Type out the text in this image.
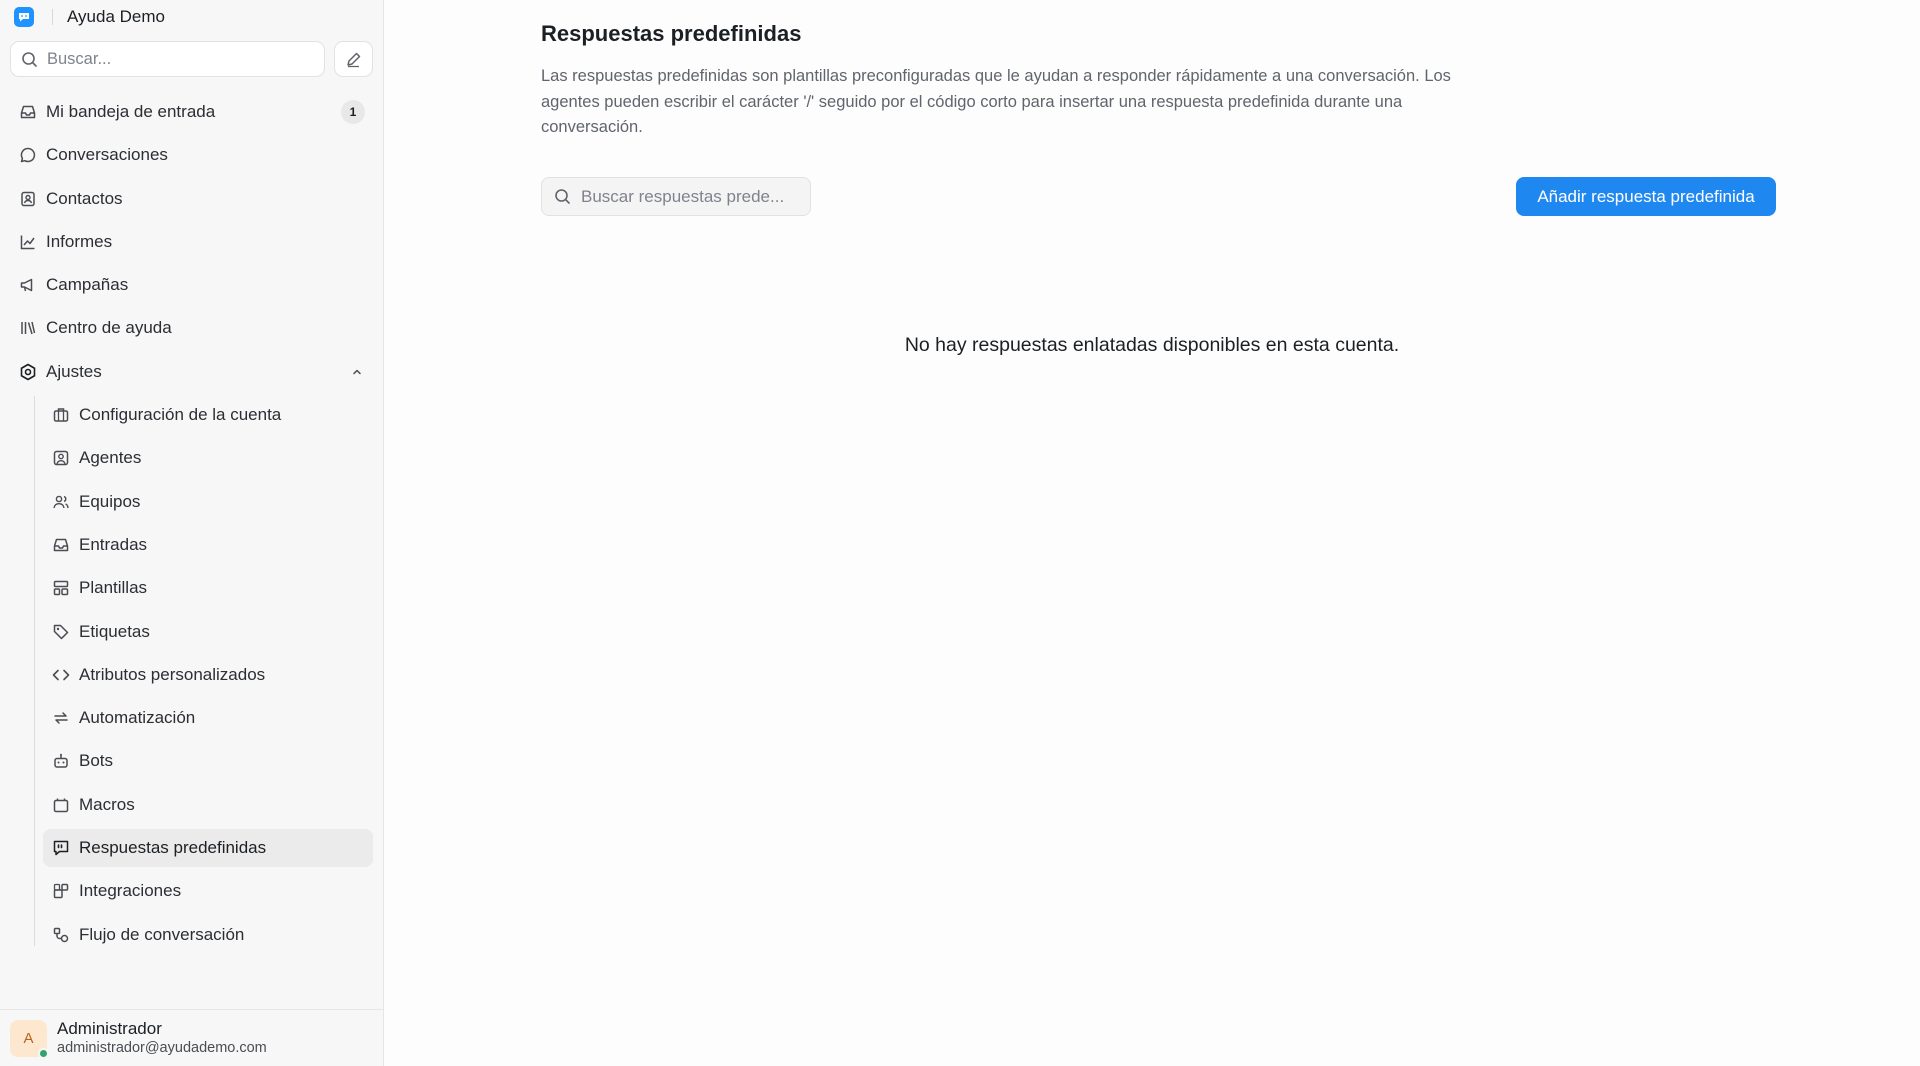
Ayuda Demo
Buscar...
Mi bandeja de entrada	1
Conversaciones
Contactos
Informes
Campañas
Centro de ayuda
Ajustes
Configuración de la cuenta
Agentes
Equipos
Entradas
Plantillas
Etiquetas
Atributos personalizados
Automatización
Bots
Macros
Respuestas predefinidas
Integraciones
Flujo de conversación
A Administrador
administrador@ayudademo.com
Respuestas predefinidas

Las respuestas predefinidas son plantillas preconfiguradas que le ayudan a responder rápidamente a una conversación. Los agentes pueden escribir el carácter '/' seguido por el código corto para insertar una respuesta predefinida durante una conversación.

Buscar respuestas prede...
Añadir respuesta predefinida
No hay respuestas enlatadas disponibles en esta cuenta.
